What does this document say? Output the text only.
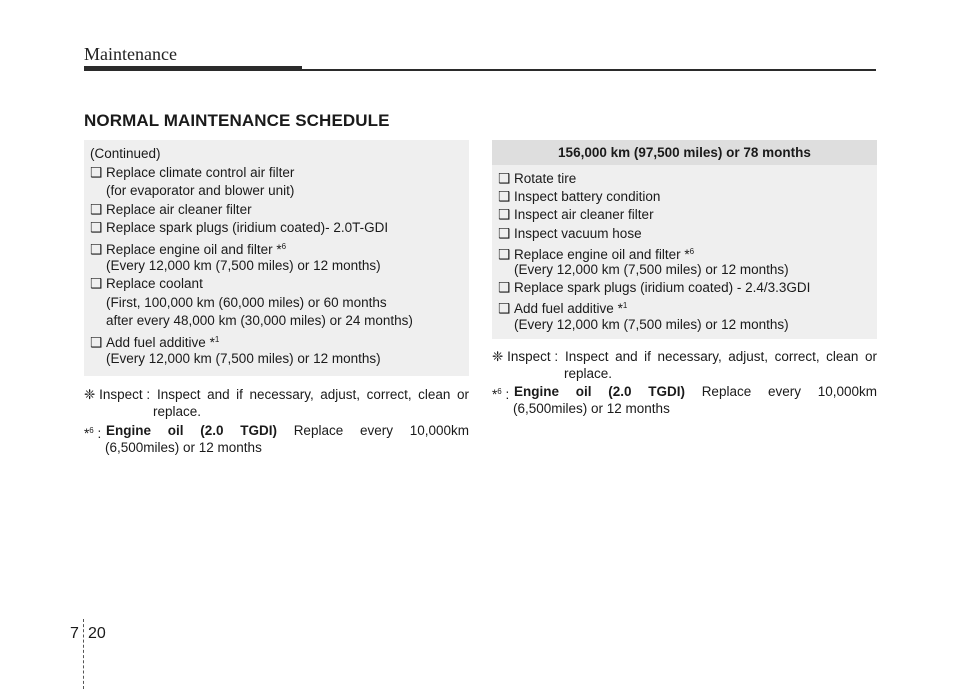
Maintenance
NORMAL MAINTENANCE SCHEDULE
(Continued)
❑ Replace climate control air filter
(for evaporator and blower unit)
❑ Replace air cleaner filter
❑ Replace spark plugs (iridium coated)- 2.0T-GDI
❑ Replace engine oil and filter *$^6$
(Every 12,000 km (7,500 miles) or 12 months)
❑ Replace coolant
(First, 100,000 km (60,000 miles) or 60 months
after every 48,000 km (30,000 miles) or 24 months)
❑ Add fuel additive *$^1$
(Every 12,000 km (7,500 miles) or 12 months)
156,000 km (97,500 miles) or 78 months
❑ Rotate tire
❑ Inspect battery condition
❑ Inspect air cleaner filter
❑ Inspect vacuum hose
❑ Replace engine oil and filter *$^6$
(Every 12,000 km (7,500 miles) or 12 months)
❑ Replace spark plugs (iridium coated) - 2.4/3.3GDI
❑ Add fuel additive *$^1$
(Every 12,000 km (7,500 miles) or 12 months)
❈ Inspect : Inspect and if necessary, adjust, correct, clean or
replace.
*$^6$ : Engine oil (2.0 TGDI) Replace every 10,000km
(6,500miles) or 12 months
❈ Inspect : Inspect and if necessary, adjust, correct, clean or
replace.
*$^6$ : Engine oil (2.0 TGDI) Replace every 10,000km
(6,500miles) or 12 months
7 20
